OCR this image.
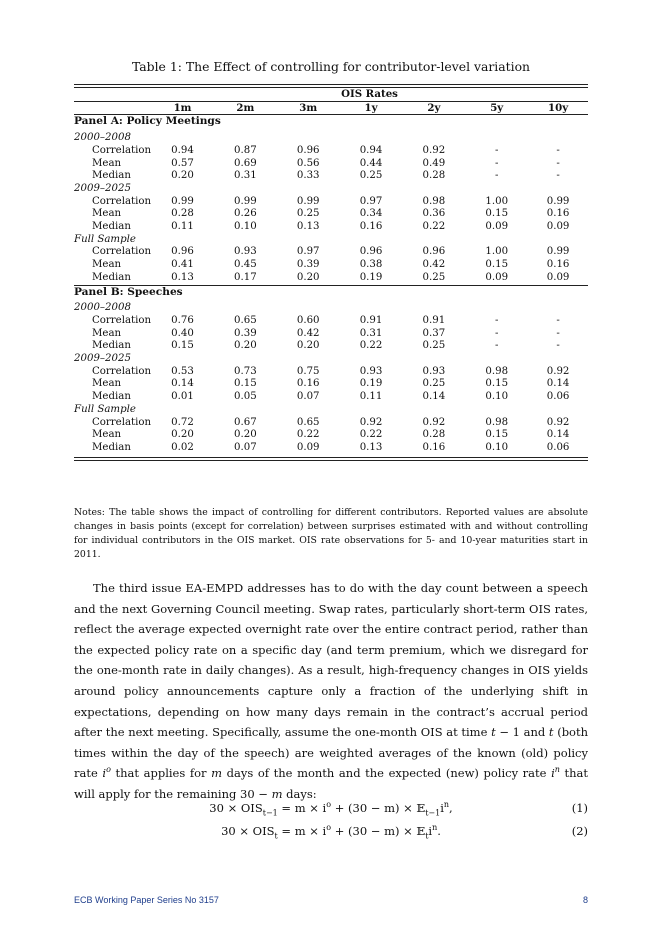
Table 1: The Effect of controlling for contributor-level variation
	OIS Rates						
	1m	2m	3m	1y	2y	5y	10y
Panel A: Policy Meetings							
2000–2008							
Correlation	0.94	0.87	0.96	0.94	0.92	-	-
Mean	0.57	0.69	0.56	0.44	0.49	-	-
Median	0.20	0.31	0.33	0.25	0.28	-	-
2009–2025							
Correlation	0.99	0.99	0.99	0.97	0.98	1.00	0.99
Mean	0.28	0.26	0.25	0.34	0.36	0.15	0.16
Median	0.11	0.10	0.13	0.16	0.22	0.09	0.09
Full Sample							
Correlation	0.96	0.93	0.97	0.96	0.96	1.00	0.99
Mean	0.41	0.45	0.39	0.38	0.42	0.15	0.16
Median	0.13	0.17	0.20	0.19	0.25	0.09	0.09
Panel B: Speeches							
2000–2008							
Correlation	0.76	0.65	0.60	0.91	0.91	-	-
Mean	0.40	0.39	0.42	0.31	0.37	-	-
Median	0.15	0.20	0.20	0.22	0.25	-	-
2009–2025							
Correlation	0.53	0.73	0.75	0.93	0.93	0.98	0.92
Mean	0.14	0.15	0.16	0.19	0.25	0.15	0.14
Median	0.01	0.05	0.07	0.11	0.14	0.10	0.06
Full Sample							
Correlation	0.72	0.67	0.65	0.92	0.92	0.98	0.92
Mean	0.20	0.20	0.22	0.22	0.28	0.15	0.14
Median	0.02	0.07	0.09	0.13	0.16	0.10	0.06

Notes: The table shows the impact of controlling for different contributors. Reported values are absolute changes in basis points (except for correlation) between surprises estimated with and without controlling for individual contributors in the OIS market. OIS rate observations for 5- and 10-year maturities start in 2011.

The third issue EA-EMPD addresses has to do with the day count between a speech and the next Governing Council meeting. Swap rates, particularly short-term OIS rates, reflect the average expected overnight rate over the entire contract period, rather than the expected policy rate on a specific day (and term premium, which we disregard for the one-month rate in daily changes). As a result, high-frequency changes in OIS yields around policy announcements capture only a fraction of the underlying shift in expectations, depending on how many days remain in the contract’s accrual period after the next meeting. Specifically, assume the one-month OIS at time t − 1 and t (both times within the day of the speech) are weighted averages of the known (old) policy rate $i^o$ that applies for m days of the month and the expected (new) policy rate $i^n$ that will apply for the remaining 30 − m days:

$30 \times OIS_{t-1} = m \times i^o + (30 - m)$ × $𝔼_{t-1}i^n$,	(1)
$30 \times OIS_t = m \times i^o + (30 - m)$ × $𝔼_ti^n$.	(2)
ECB Working Paper Series No 3157	8
